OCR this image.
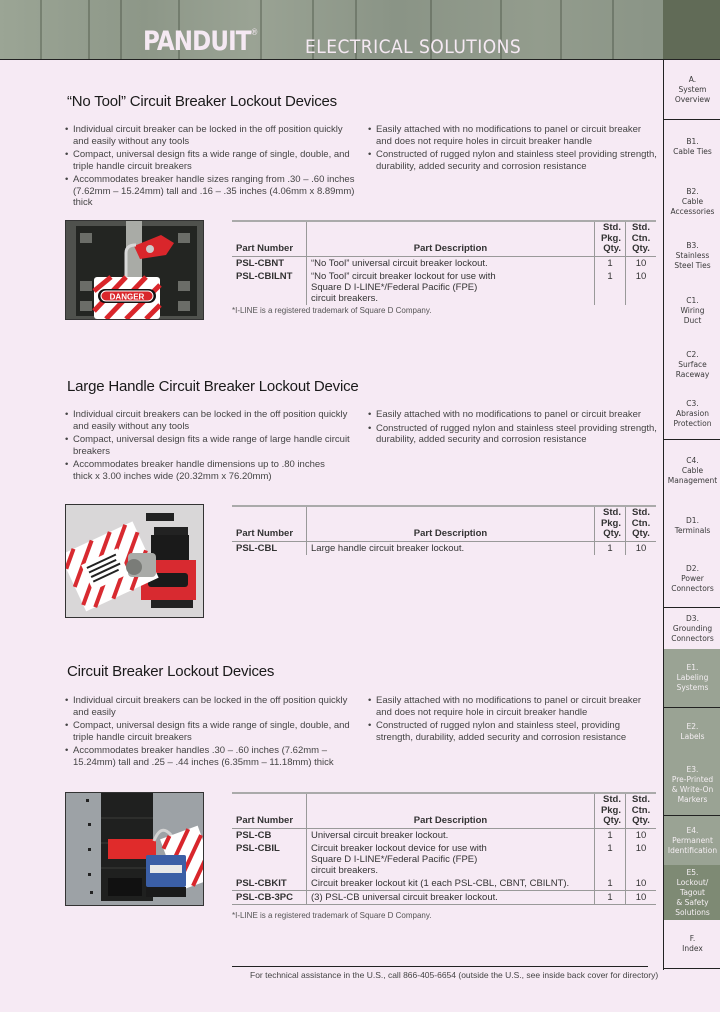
PANDUIT®
ELECTRICAL SOLUTIONS
A.
System
Overview
B1.
Cable Ties
B2.
Cable
Accessories
B3.
Stainless
Steel Ties
C1.
Wiring
Duct
C2.
Surface
Raceway
C3.
Abrasion
Protection
C4.
Cable
Management
D1.
Terminals
D2.
Power
Connectors
D3.
Grounding
Connectors
E1.
Labeling
Systems
E2.
Labels
E3.
Pre-Printed
& Write-On
Markers
E4.
Permanent
Identification
E5.
Lockout/
Tagout
& Safety
Solutions
F.
Index
“No Tool” Circuit Breaker Lockout Devices
• Individual circuit breaker can be locked in the off position quickly and easily without any tools
• Compact, universal design fits a wide range of single, double, and triple handle circuit breakers
• Accommodates breaker handle sizes ranging from .30 – .60 inches (7.62mm – 15.24mm) tall and .16 – .35 inches (4.06mm x 8.89mm) thick
• Easily attached with no modifications to panel or circuit breaker and does not require holes in circuit breaker handle
• Constructed of rugged nylon and stainless steel providing strength, durability, added security and corrosion resistance
DANGER
Part Number	Part Description	Std. Pkg. Qty.	Std. Ctn. Qty.
PSL-CBNT	“No Tool” universal circuit breaker lockout.	1	10
PSL-CBILNT	“No Tool” circuit breaker lockout for use with Square D I-LINE*/Federal Pacific (FPE) circuit breakers.	1	10
*I-LINE is a registered trademark of Square D Company.
Large Handle Circuit Breaker Lockout Device
• Individual circuit breakers can be locked in the off position quickly and easily without any tools
• Compact, universal design fits a wide range of large handle circuit breakers
• Accommodates breaker handle dimensions up to .80 inches thick x 3.00 inches wide (20.32mm x 76.20mm)
• Easily attached with no modifications to panel or circuit breaker
• Constructed of rugged nylon and stainless steel providing strength, durability, added security and corrosion resistance
Part Number	Part Description	Std. Pkg. Qty.	Std. Ctn. Qty.
PSL-CBL	Large handle circuit breaker lockout.	1	10
Circuit Breaker Lockout Devices
• Individual circuit breakers can be locked in the off position quickly and easily
• Compact, universal design fits a wide range of single, double, and triple handle circuit breakers
• Accommodates breaker handles .30 – .60 inches (7.62mm – 15.24mm) tall and .25 – .44 inches (6.35mm – 11.18mm) thick
• Easily attached with no modifications to panel or circuit breaker and does not require hole in circuit breaker handle
• Constructed of rugged nylon and stainless steel, providing strength, durability, added security and corrosion resistance
Part Number	Part Description	Std. Pkg. Qty.	Std. Ctn. Qty.
PSL-CB	Universal circuit breaker lockout.	1	10
PSL-CBIL	Circuit breaker lockout device for use with Square D I-LINE*/Federal Pacific (FPE) circuit breakers.	1	10
PSL-CBKIT	Circuit breaker lockout kit (1 each PSL-CBL, CBNT, CBILNT).	1	10
PSL-CB-3PC	(3) PSL-CB universal circuit breaker lockout.	1	10
*I-LINE is a registered trademark of Square D Company.
For technical assistance in the U.S., call 866-405-6654 (outside the U.S., see inside back cover for directory)
